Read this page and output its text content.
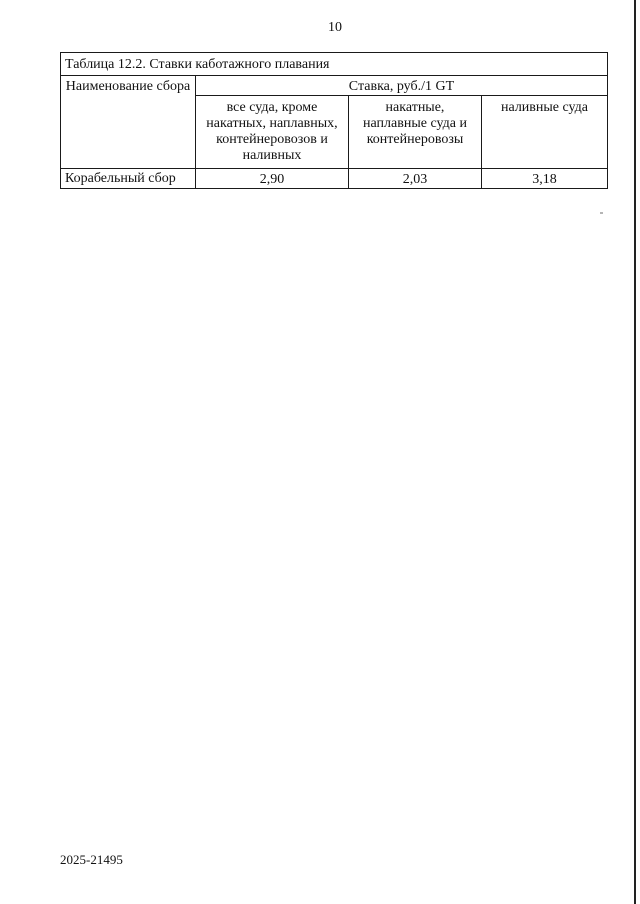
10
Таблица 12.2. Ставки каботажного плавания			
Наименование сбора	Ставка, руб./1 GT		
	все суда, кроме накатных, наплавных, контейнеровозов и наливных	накатные, наплавные суда и контейнеровозы	наливные суда
Корабельный сбор	2,90	2,03	3,18
2025-21495
